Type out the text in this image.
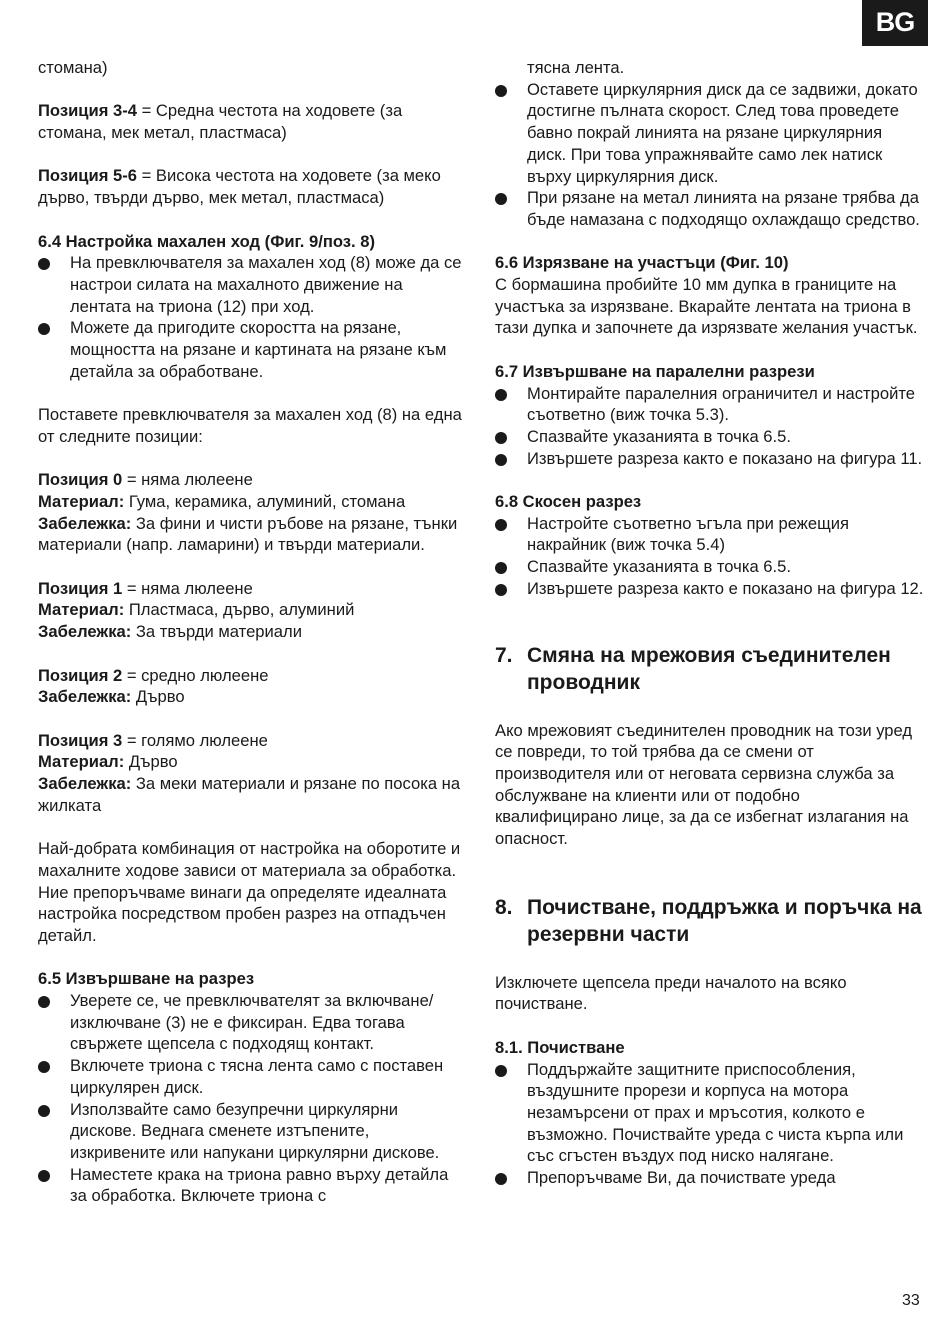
BG

стомана)

Позиция 3-4 = Средна честота на ходовете (за стомана, мек метал, пластмаса)

Позиция 5-6 = Висока честота на ходовете (за меко дърво, твърди дърво, мек метал, пластмаса)

6.4 Настройка махален ход (Фиг. 9/поз. 8)

На превключвателя за махален ход (8) може да се настрои силата на махалното движение на лентата на триона (12) при ход.
Можете да пригодите скоростта на рязане, мощността на рязане и картината на рязане към детайла за обработване.

Поставете превключвателя за махален ход (8) на една от следните позиции:

Позиция 0 = няма люлеене

Материал: Гума, керамика, алуминий, стомана

Забележка: За фини и чисти ръбове на рязане, тънки материали (напр. ламарини) и твърди материали.

Позиция 1 = няма люлеене

Материал: Пластмаса, дърво, алуминий

Забележка: За твърди материали

Позиция 2 = средно люлеене

Забележка: Дърво

Позиция 3 = голямо люлеене

Материал: Дърво

Забележка: За меки материали и рязане по посока на жилката

Най-добрата комбинация от настройка на оборотите и махалните ходове зависи от материала за обработка. Ние препоръчваме винаги да определяте идеалната настройка посредством пробен разрез на отпадъчен детайл.

6.5 Извършване на разрез

Уверете се, че превключвателят за включване/изключване (3) не е фиксиран. Едва тогава свържете щепсела с подходящ контакт.
Включете триона с тясна лента само с поставен циркулярен диск.
Използвайте само безупречни циркулярни дискове. Веднага сменете изтъпените, изкривените или напукани циркулярни дискове.
Наместете крака на триона равно върху детайла за обработка. Включете триона с

тясна лента.

Оставете циркулярния диск да се задвижи, докато достигне пълната скорост. След това проведете бавно покрай линията на рязане циркулярния диск. При това упражнявайте само лек натиск върху циркулярния диск.
При рязане на метал линията на рязане трябва да бъде намазана с подходящо охлаждащо средство.

6.6 Изрязване на участъци (Фиг. 10)

С бормашина пробийте 10 мм дупка в границите на участъка за изрязване. Вкарайте лентата на триона в тази дупка и започнете да изрязвате желания участък.

6.7 Извършване на паралелни разрези

Монтирайте паралелния ограничител и настройте съответно (виж точка 5.3).
Спазвайте указанията в точка 6.5.
Извършете разреза както е показано на фигура 11.

6.8 Скосен разрез

Настройте съответно ъгъла при режещия накрайник (виж точка 5.4)
Спазвайте указанията в точка 6.5.
Извършете разреза както е показано на фигура 12.
7. Смяна на мрежовия съединителен проводник

Ако мрежовият съединителен проводник на този уред се повреди, то той трябва да се смени от производителя или от неговата сервизна служба за обслужване на клиенти или от подобно квалифицирано лице, за да се избегнат излагания на опасност.

8. Почистване, поддръжка и поръчка на резервни части

Изключете щепсела преди началото на всяко почистване.

8.1. Почистване

Поддържайте защитните приспособления, въздушните прорези и корпуса на мотора незамърсени от прах и мръсотия, колкото е възможно. Почиствайте уреда с чиста кърпа или със сгъстен въздух под ниско налягане.
Препоръчваме Ви, да почиствате уреда
33
